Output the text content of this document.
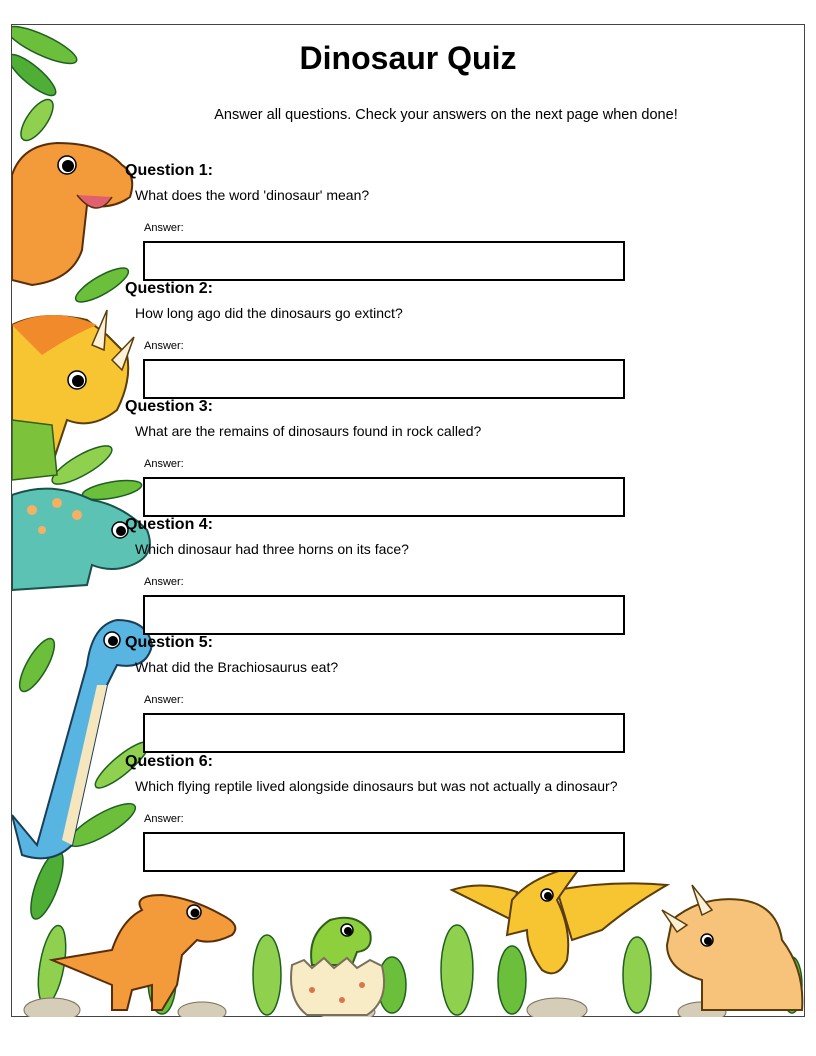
Dinosaur Quiz
Answer all questions. Check your answers on the next page when done!
Question 1:
What does the word 'dinosaur' mean?
Answer:
Question 2:
How long ago did the dinosaurs go extinct?
Answer:
Question 3:
What are the remains of dinosaurs found in rock called?
Answer:
Question 4:
Which dinosaur had three horns on its face?
Answer:
Question 5:
What did the Brachiosaurus eat?
Answer:
Question 6:
Which flying reptile lived alongside dinosaurs but was not actually a dinosaur?
Answer:
